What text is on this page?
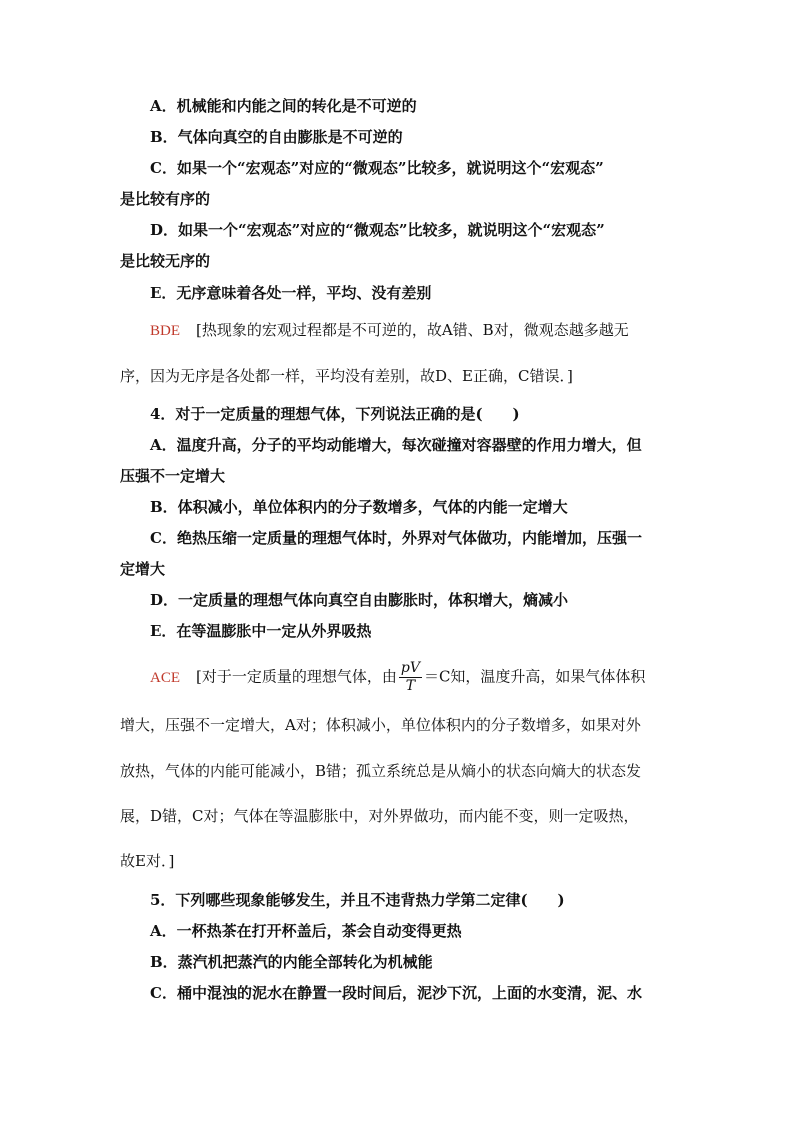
A．机械能和内能之间的转化是不可逆的
B．气体向真空的自由膨胀是不可逆的
C．如果一个“宏观态”对应的“微观态”比较多，就说明这个“宏观态”
是比较有序的
D．如果一个“宏观态”对应的“微观态”比较多，就说明这个“宏观态”
是比较无序的
E．无序意味着各处一样，平均、没有差别
BDE [热现象的宏观过程都是不可逆的，故A错、B对，微观态越多越无
序，因为无序是各处都一样，平均没有差别，故D、E正确，C错误．]
4．对于一定质量的理想气体，下列说法正确的是(　　)
A．温度升高，分子的平均动能增大，每次碰撞对容器壁的作用力增大，但
压强不一定增大
B．体积减小，单位体积内的分子数增多，气体的内能一定增大
C．绝热压缩一定质量的理想气体时，外界对气体做功，内能增加，压强一
定增大
D．一定质量的理想气体向真空自由膨胀时，体积增大，熵减小
E．在等温膨胀中一定从外界吸热
ACE [对于一定质量的理想气体，由 $\frac{pV}{T} =C$知，温度升高，如果气体体积
增大，压强不一定增大，A对；体积减小，单位体积内的分子数增多，如果对外
放热，气体的内能可能减小，B错；孤立系统总是从熵小的状态向熵大的状态发
展，D错，C对；气体在等温膨胀中，对外界做功，而内能不变，则一定吸热，
故E对．]
5．下列哪些现象能够发生，并且不违背热力学第二定律(　　)
A．一杯热茶在打开杯盖后，茶会自动变得更热
B．蒸汽机把蒸汽的内能全部转化为机械能
C．桶中混浊的泥水在静置一段时间后，泥沙下沉，上面的水变清，泥、水
